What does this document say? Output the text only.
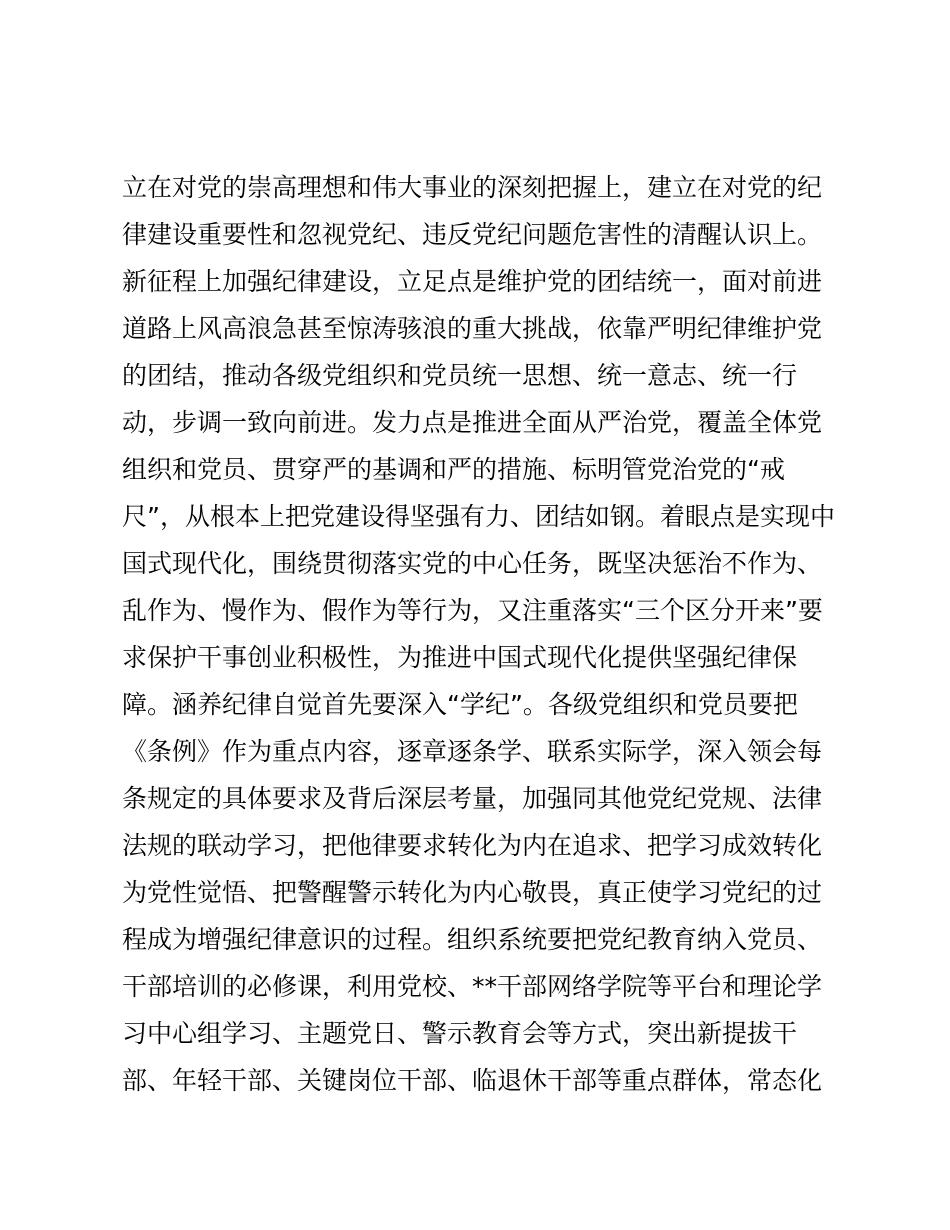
立在对党的崇高理想和伟大事业的深刻把握上，建立在对党的纪
律建设重要性和忽视党纪、违反党纪问题危害性的清醒认识上。
新征程上加强纪律建设，立足点是维护党的团结统一，面对前进
道路上风高浪急甚至惊涛骇浪的重大挑战，依靠严明纪律维护党
的团结，推动各级党组织和党员统一思想、统一意志、统一行
动，步调一致向前进。发力点是推进全面从严治党，覆盖全体党
组织和党员、贯穿严的基调和严的措施、标明管党治党的“戒
尺”，从根本上把党建设得坚强有力、团结如钢。着眼点是实现中
国式现代化，围绕贯彻落实党的中心任务，既坚决惩治不作为、
乱作为、慢作为、假作为等行为，又注重落实“三个区分开来”要
求保护干事创业积极性，为推进中国式现代化提供坚强纪律保
障。涵养纪律自觉首先要深入“学纪”。各级党组织和党员要把
《条例》作为重点内容，逐章逐条学、联系实际学，深入领会每
条规定的具体要求及背后深层考量，加强同其他党纪党规、法律
法规的联动学习，把他律要求转化为内在追求、把学习成效转化
为党性觉悟、把警醒警示转化为内心敬畏，真正使学习党纪的过
程成为增强纪律意识的过程。组织系统要把党纪教育纳入党员、
干部培训的必修课，利用党校、**干部网络学院等平台和理论学
习中心组学习、主题党日、警示教育会等方式，突出新提拔干
部、年轻干部、关键岗位干部、临退休干部等重点群体，常态化
